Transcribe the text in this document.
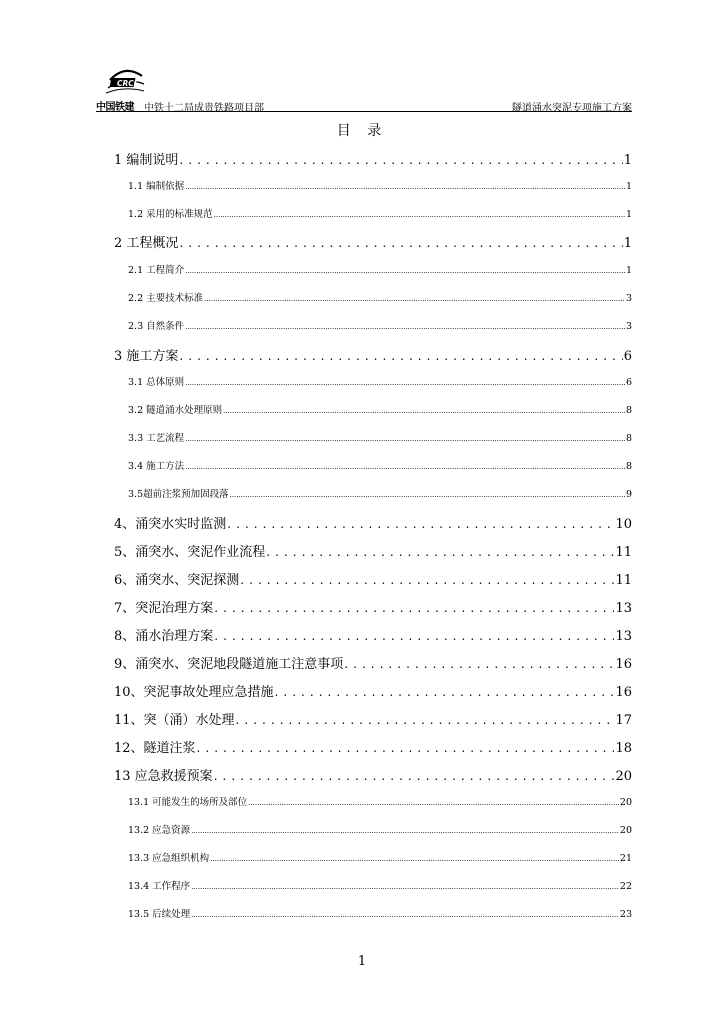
CRCC
中国铁建 中铁十二局成贵铁路项目部	隧道涌水突泥专项施工方案
目 录
1 编制说明 . . .	1
1.1 编制依据 .....	1
1.2 采用的标准规范 .....	1
2 工程概况 . . .	1
2.1 工程简介 .....	1
2.2 主要技术标准 .....	3
2.3 自然条件 .....	3
3 施工方案 . . .	6
3.1 总体原则 .....	6
3.2 隧道涌水处理原则 .....	8
3.3 工艺流程 .....	8
3.4 施工方法 .....	8
3.5超前注浆预加固段落 .....	9
4、涌突水实时监测 . . .	10
5、涌突水、突泥作业流程 . . .	11
6、涌突水、突泥探测 . . .	11
7、突泥治理方案 . . .	13
8、涌水治理方案 . . .	13
9、涌突水、突泥地段隧道施工注意事项 . . .	16
10、突泥事故处理应急措施 . . .	16
11、突（涌）水处理 . . .	17
12、隧道注浆 . . .	18
13 应急救援预案 . . .	20
13.1 可能发生的场所及部位 .....	20
13.2 应急资源 .....	20
13.3 应急组织机构 .....	21
13.4 工作程序 .....	22
13.5 后续处理 .....	23
1
